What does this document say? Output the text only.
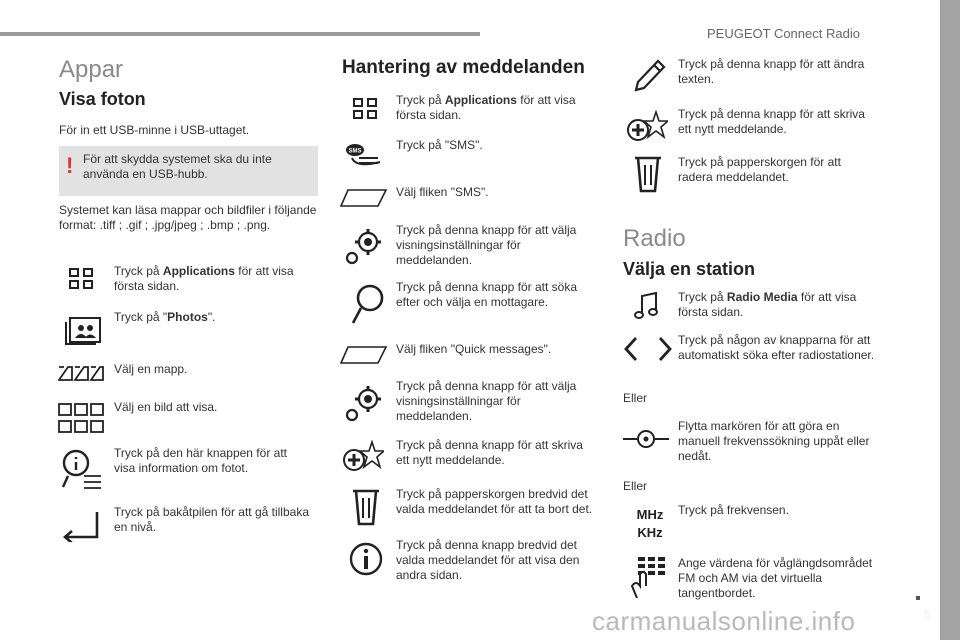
PEUGEOT Connect Radio
5
carmanualsonline.info
Appar
Visa foton
För in ett USB-minne i USB-uttaget.
! För att skydda systemet ska du inte använda en USB-hubb.
Systemet kan läsa mappar och bildfiler i följande format: .tiff ; .gif ; .jpg/jpeg ; .bmp ; .png.
Tryck på Applications för att visa första sidan.
Tryck på "Photos".
Välj en mapp.
Välj en bild att visa.
Tryck på den här knappen för att visa information om fotot.
Tryck på bakåtpilen för att gå tillbaka en nivå.
Hantering av meddelanden
Tryck på Applications för att visa första sidan.
SMS	Tryck på "SMS".
Välj fliken "SMS".
Tryck på denna knapp för att välja visningsinställningar för meddelanden.
Tryck på denna knapp för att söka efter och välja en mottagare.
Välj fliken "Quick messages".
Tryck på denna knapp för att välja visningsinställningar för meddelanden.
Tryck på denna knapp för att skriva ett nytt meddelande.
Tryck på papperskorgen bredvid det valda meddelandet för att ta bort det.
Tryck på denna knapp bredvid det valda meddelandet för att visa den andra sidan.
Tryck på denna knapp för att ändra texten.
Tryck på denna knapp för att skriva ett nytt meddelande.
Tryck på papperskorgen för att radera meddelandet.
Radio
Välja en station
Tryck på Radio Media för att visa första sidan.
Tryck på någon av knapparna för att automatiskt söka efter radiostationer.
Eller
Flytta markören för att göra en manuell frekvenssökning uppåt eller nedåt.
Eller
MHz
KHz
Tryck på frekvensen.
Ange värdena för våglängdsområdet FM och AM via det virtuella tangentbordet.
